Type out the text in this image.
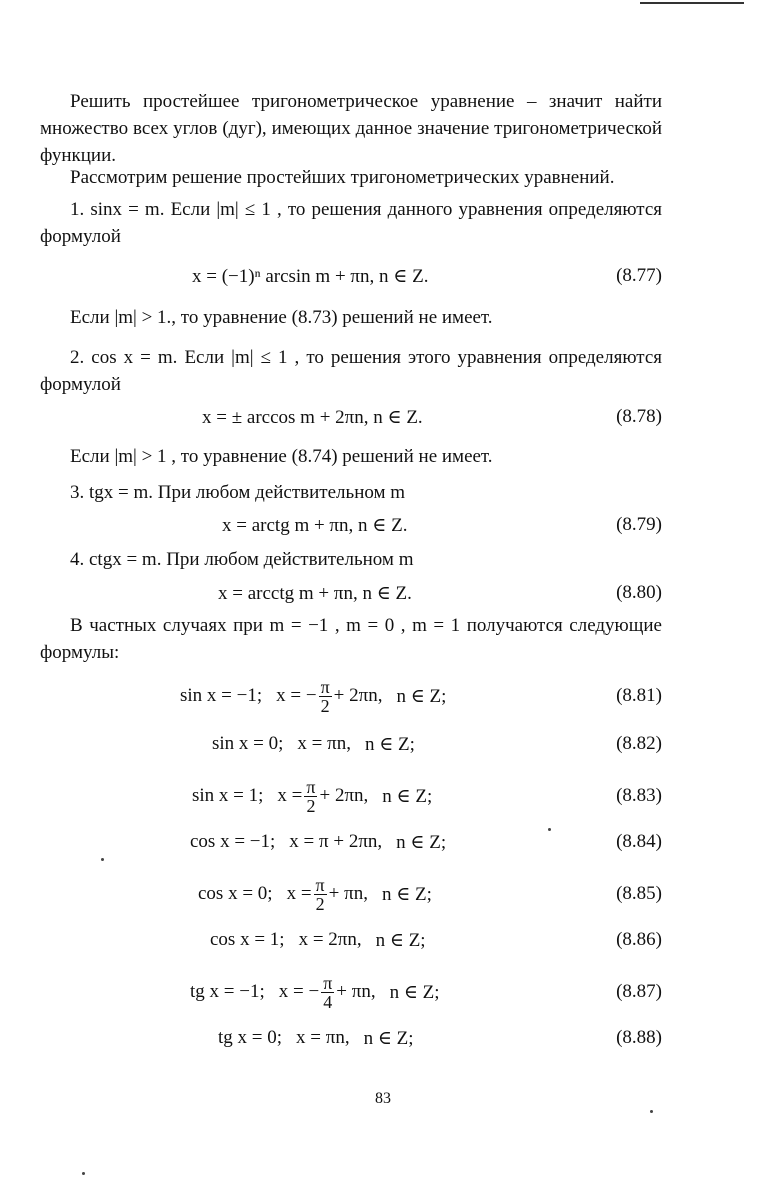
Решить простейшее тригонометрическое уравнение – значит найти множество всех углов (дуг), имеющих данное значение тригонометрической функции.
Рассмотрим решение простейших тригонометрических уравнений.
1. sinx = m. Если |m| ≤ 1 , то решения данного уравнения определяются формулой
x = (−1)ⁿ arcsin m + πn, n ∈ Z.	(8.77)
Если |m| > 1., то уравнение (8.73) решений не имеет.
2. cos x = m. Если |m| ≤ 1 , то решения этого уравнения определяются формулой
x = ± arccos m + 2πn, n ∈ Z.	(8.78)
Если |m| > 1 , то уравнение (8.74) решений не имеет.
3. tgx = m. При любом действительном m
x = arctg m + πn, n ∈ Z.	(8.79)
4. ctgx = m. При любом действительном m
x = arcctg m + πn, n ∈ Z.	(8.80)
В частных случаях при m = −1 , m = 0 , m = 1 получаются следующие формулы:
sin x = −1; x = − $\frac{\pi}{2} + 2\pi n$, n ∈ Z;	(8.81)
sin x = 0; x = πn, n ∈ Z;	(8.82)
sin x = 1; $x = \frac{\pi}{2} + 2\pi n$, n ∈ Z;	(8.83)
cos x = −1; x = π + 2πn, n ∈ Z;	(8.84)
cos x = 0; $x = \frac{\pi}{2} + \pi n$, n ∈ Z;	(8.85)
cos x = 1; x = 2πn, n ∈ Z;	(8.86)
tg x = −1; x = − $\frac{\pi}{4} + \pi n$, n ∈ Z;	(8.87)
tg x = 0; x = πn, n ∈ Z;	(8.88)
83
